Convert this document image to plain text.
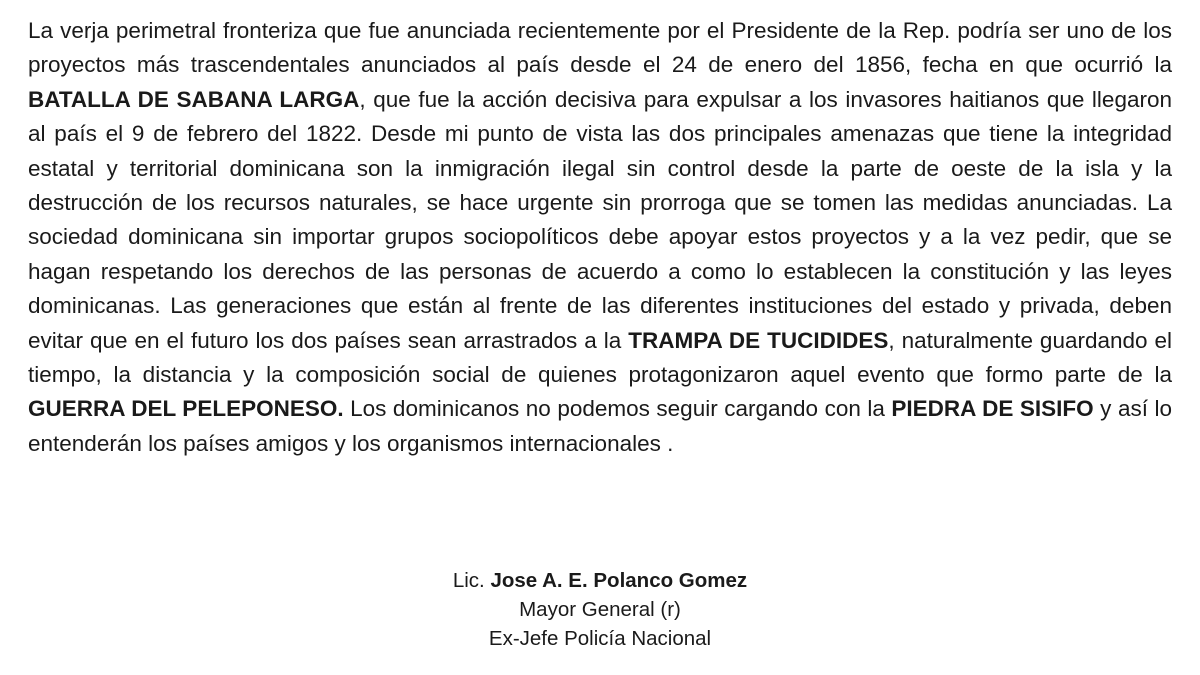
La verja perimetral fronteriza que fue anunciada recientemente por el Presidente de la Rep. podría ser uno de los proyectos más trascendentales anunciados al país desde el 24 de enero del 1856, fecha en que ocurrió la BATALLA DE SABANA LARGA, que fue la acción decisiva para expulsar a los invasores haitianos que llegaron al país el 9 de febrero del 1822. Desde mi punto de vista las dos principales amenazas que tiene la integridad estatal y territorial dominicana son la inmigración ilegal sin control desde la parte de oeste de la isla y la destrucción de los recursos naturales, se hace urgente sin prorroga que se tomen las medidas anunciadas. La sociedad dominicana sin importar grupos sociopolíticos debe apoyar estos proyectos y a la vez pedir, que se hagan respetando los derechos de las personas de acuerdo a como lo establecen la constitución y las leyes dominicanas. Las generaciones que están al frente de las diferentes instituciones del estado y privada, deben evitar que en el futuro los dos países sean arrastrados a la TRAMPA DE TUCIDIDES, naturalmente guardando el tiempo, la distancia y la composición social de quienes protagonizaron aquel evento que formo parte de la GUERRA DEL PELEPONESO. Los dominicanos no podemos seguir cargando con la PIEDRA DE SISIFO y así lo entenderán los países amigos y los organismos internacionales .

Lic. Jose A. E. Polanco Gomez
Mayor General (r)
Ex-Jefe Policía Nacional
